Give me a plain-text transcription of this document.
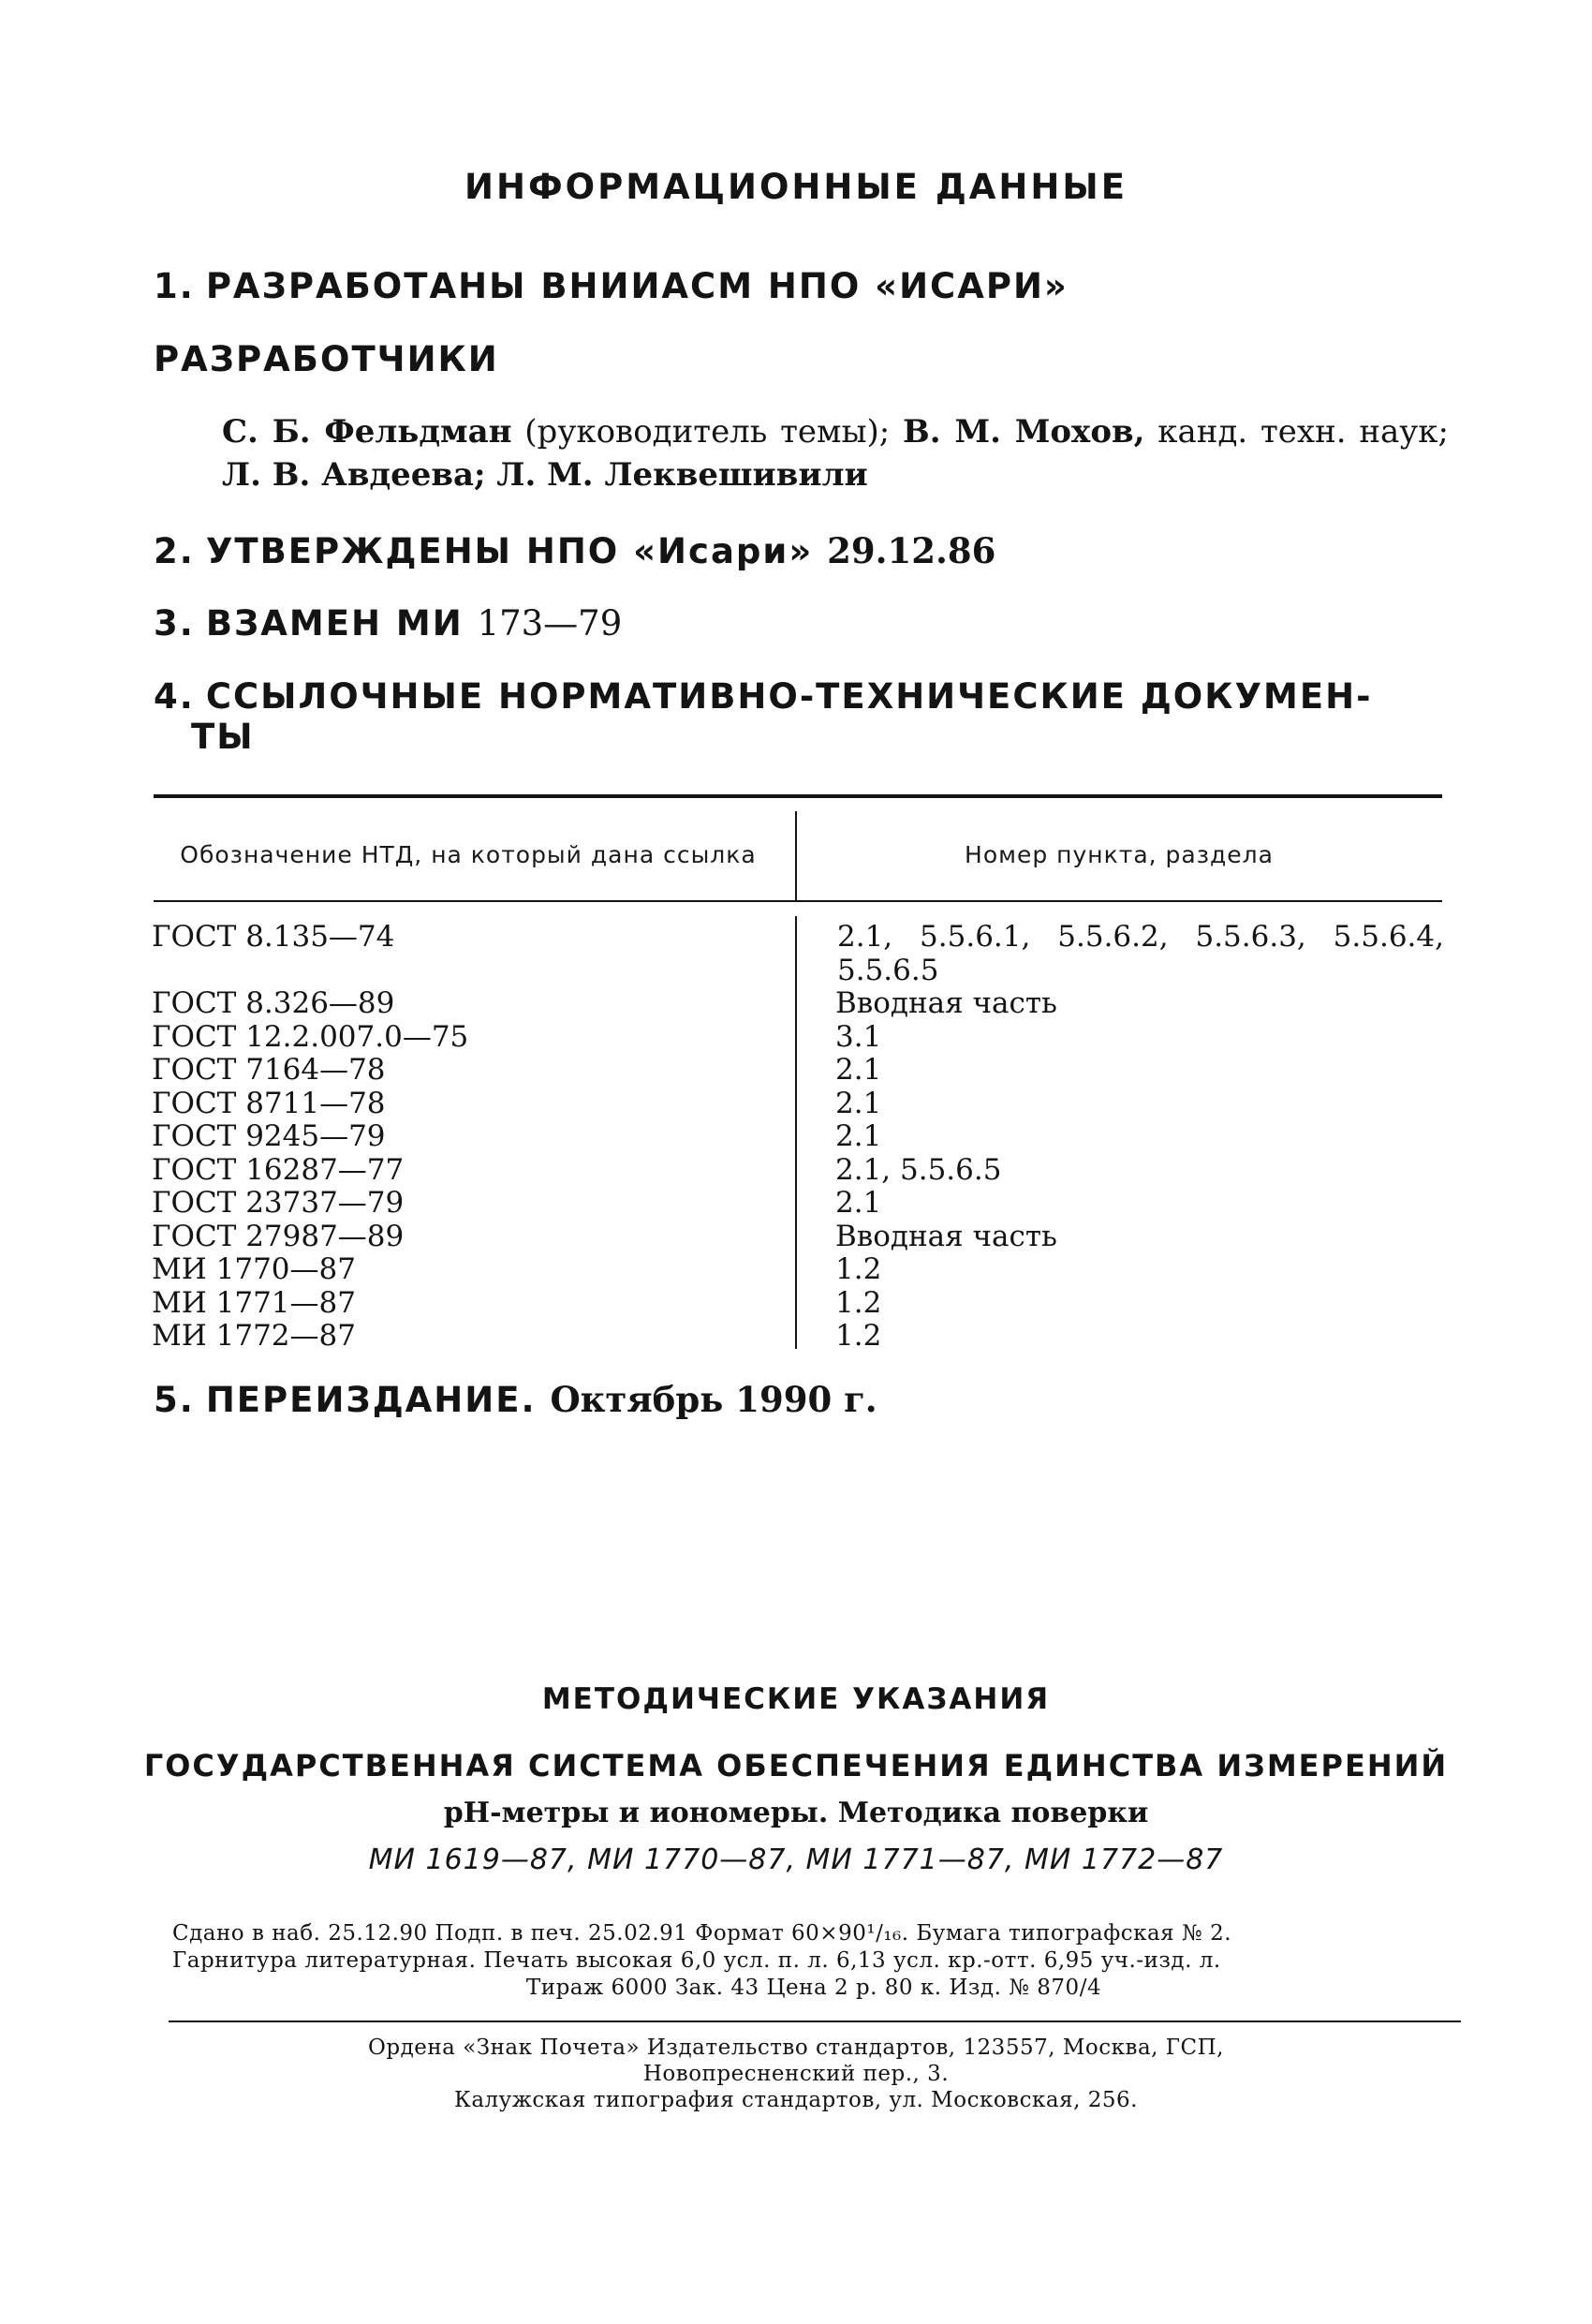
ИНФОРМАЦИОННЫЕ ДАННЫЕ
1. РАЗРАБОТАНЫ ВНИИАСМ НПО «ИСАРИ»
РАЗРАБОТЧИКИ
С. Б. Фельдман (руководитель темы); В. М. Мохов, канд. техн. наук; Л. В. Авдеева; Л. М. Леквешивили
2. УТВЕРЖДЕНЫ НПО «Исари» 29.12.86
3. ВЗАМЕН МИ 173—79
4. ССЫЛОЧНЫЕ НОРМАТИВНО-ТЕХНИЧЕСКИЕ ДОКУМЕН-
ТЫ
Обозначение НТД, на который дана ссылка	Номер пункта, раздела
ГОСТ 8.135—74
ГОСТ 8.326—89
ГОСТ 12.2.007.0—75
ГОСТ 7164—78
ГОСТ 8711—78
ГОСТ 9245—79
ГОСТ 16287—77
ГОСТ 23737—79
ГОСТ 27987—89
МИ 1770—87
МИ 1771—87
МИ 1772—87
2.1, 5.5.6.1, 5.5.6.2, 5.5.6.3, 5.5.6.4, 5.5.6.5
Вводная часть
3.1
2.1
2.1
2.1
2.1, 5.5.6.5
2.1
Вводная часть
1.2
1.2
1.2
5. ПЕРЕИЗДАНИЕ. Октябрь 1990 г.
МЕТОДИЧЕСКИЕ УКАЗАНИЯ
ГОСУДАРСТВЕННАЯ СИСТЕМА ОБЕСПЕЧЕНИЯ ЕДИНСТВА ИЗМЕРЕНИЙ
рН-метры и иономеры. Методика поверки
МИ 1619—87, МИ 1770—87, МИ 1771—87, МИ 1772—87
Сдано в наб. 25.12.90 Подп. в печ. 25.02.91 Формат 60×90¹/₁₆. Бумага типографская № 2.
Гарнитура литературная. Печать высокая 6,0 усл. п. л. 6,13 усл. кр.-отт. 6,95 уч.-изд. л.
Тираж 6000 Зак. 43 Цена 2 р. 80 к. Изд. № 870/4
Ордена «Знак Почета» Издательство стандартов, 123557, Москва, ГСП,
Новопресненский пер., 3.
Калужская типография стандартов, ул. Московская, 256.
